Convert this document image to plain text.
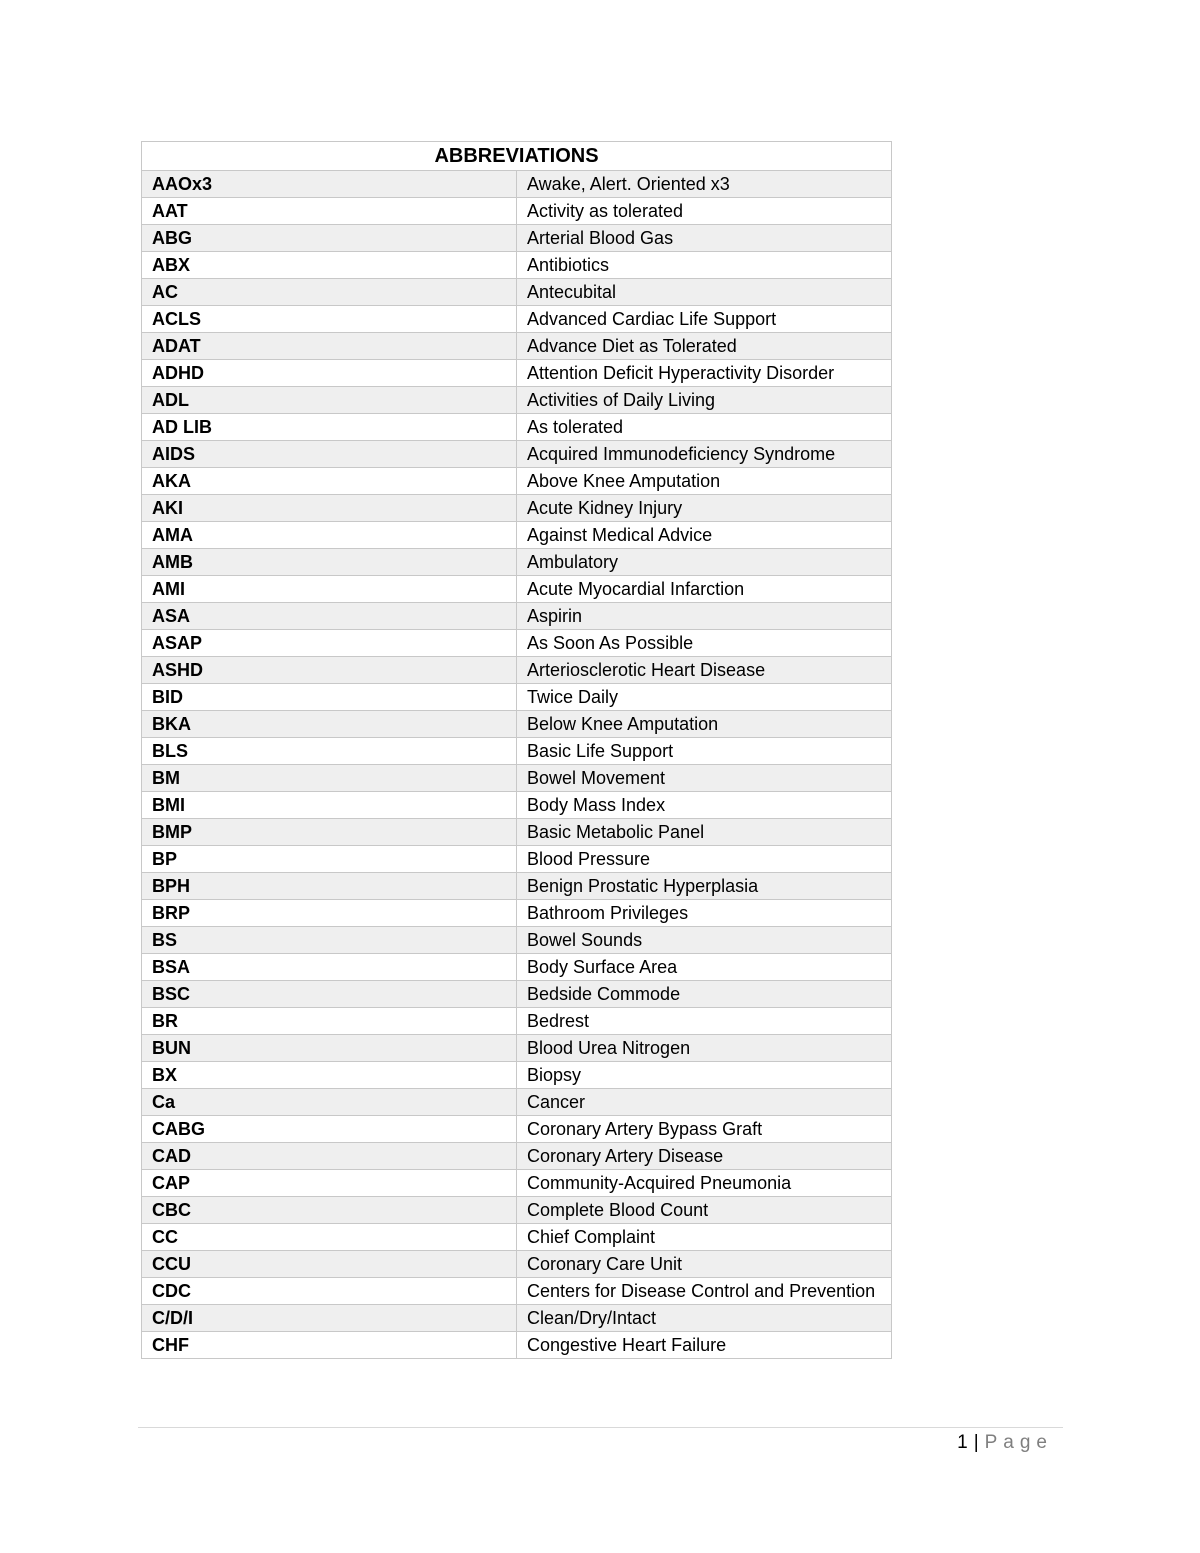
ABBREVIATIONS	
AAOx3	Awake, Alert. Oriented x3
AAT	Activity as tolerated
ABG	Arterial Blood Gas
ABX	Antibiotics
AC	Antecubital
ACLS	Advanced Cardiac Life Support
ADAT	Advance Diet as Tolerated
ADHD	Attention Deficit Hyperactivity Disorder
ADL	Activities of Daily Living
AD LIB	As tolerated
AIDS	Acquired Immunodeficiency Syndrome
AKA	Above Knee Amputation
AKI	Acute Kidney Injury
AMA	Against Medical Advice
AMB	Ambulatory
AMI	Acute Myocardial Infarction
ASA	Aspirin
ASAP	As Soon As Possible
ASHD	Arteriosclerotic Heart Disease
BID	Twice Daily
BKA	Below Knee Amputation
BLS	Basic Life Support
BM	Bowel Movement
BMI	Body Mass Index
BMP	Basic Metabolic Panel
BP	Blood Pressure
BPH	Benign Prostatic Hyperplasia
BRP	Bathroom Privileges
BS	Bowel Sounds
BSA	Body Surface Area
BSC	Bedside Commode
BR	Bedrest
BUN	Blood Urea Nitrogen
BX	Biopsy
Ca	Cancer
CABG	Coronary Artery Bypass Graft
CAD	Coronary Artery Disease
CAP	Community-Acquired Pneumonia
CBC	Complete Blood Count
CC	Chief Complaint
CCU	Coronary Care Unit
CDC	Centers for Disease Control and Prevention
C/D/I	Clean/Dry/Intact
CHF	Congestive Heart Failure
1 | Page
